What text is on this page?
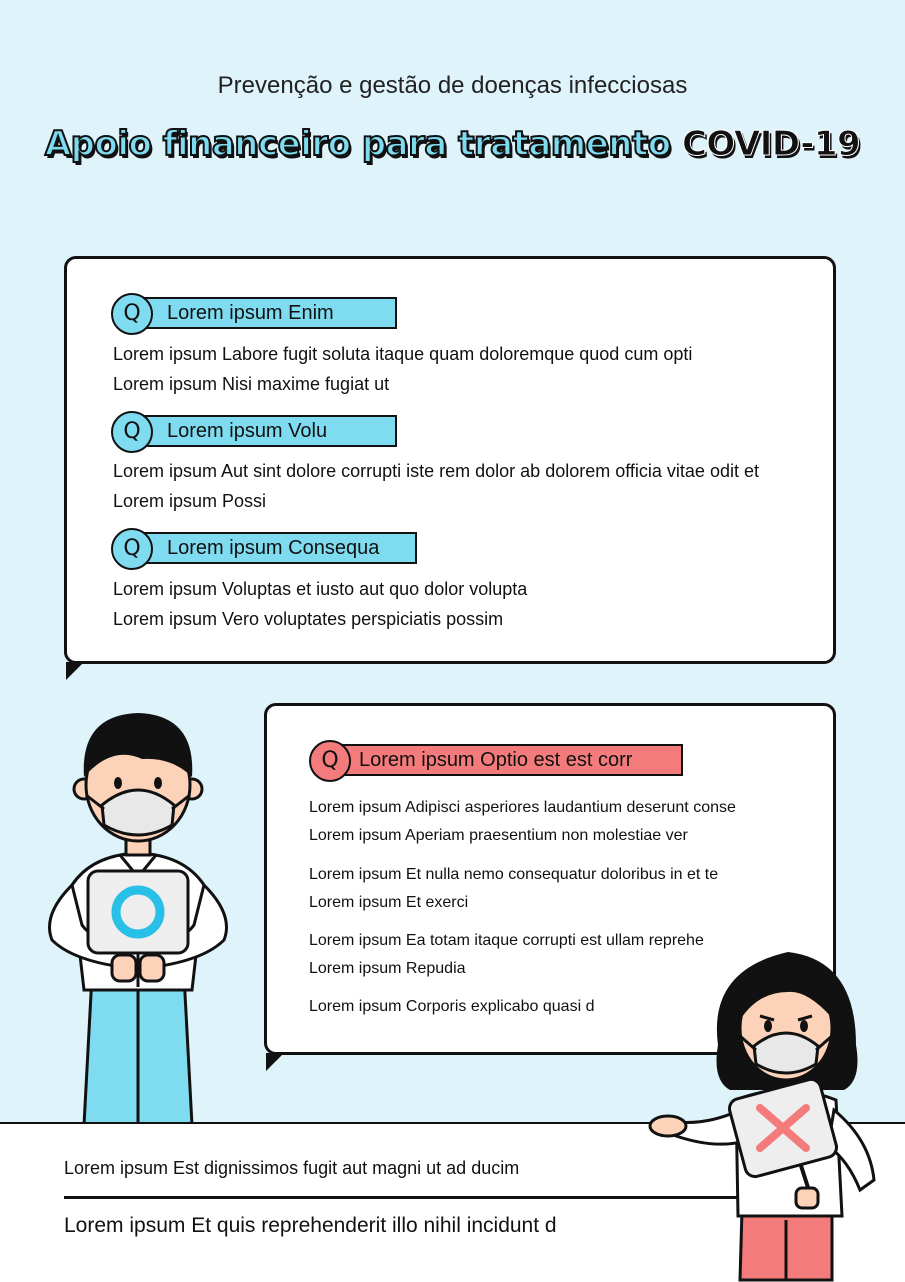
Prevenção e gestão de doenças infecciosas
Apoio financeiro para tratamento COVID-19
Lorem ipsum Enim
Q
Lorem ipsum Labore fugit soluta itaque quam doloremque quod cum opti
Lorem ipsum Nisi maxime fugiat ut
Lorem ipsum Volu
Q
Lorem ipsum Aut sint dolore corrupti iste rem dolor ab dolorem officia vitae odit et
Lorem ipsum Possi
Lorem ipsum Consequa
Q
Lorem ipsum Voluptas et iusto aut quo dolor volupta
Lorem ipsum Vero voluptates perspiciatis possim
Lorem ipsum Optio est est corr
Q
Lorem ipsum Adipisci asperiores laudantium deserunt conse
Lorem ipsum Aperiam praesentium non molestiae ver
Lorem ipsum Et nulla nemo consequatur doloribus in et te
Lorem ipsum Et exerci
Lorem ipsum Ea totam itaque corrupti est ullam reprehe
Lorem ipsum Repudia
Lorem ipsum Corporis explicabo quasi d
Lorem ipsum Est dignissimos fugit aut magni ut ad ducim
Lorem ipsum Et quis reprehenderit illo nihil incidunt d
